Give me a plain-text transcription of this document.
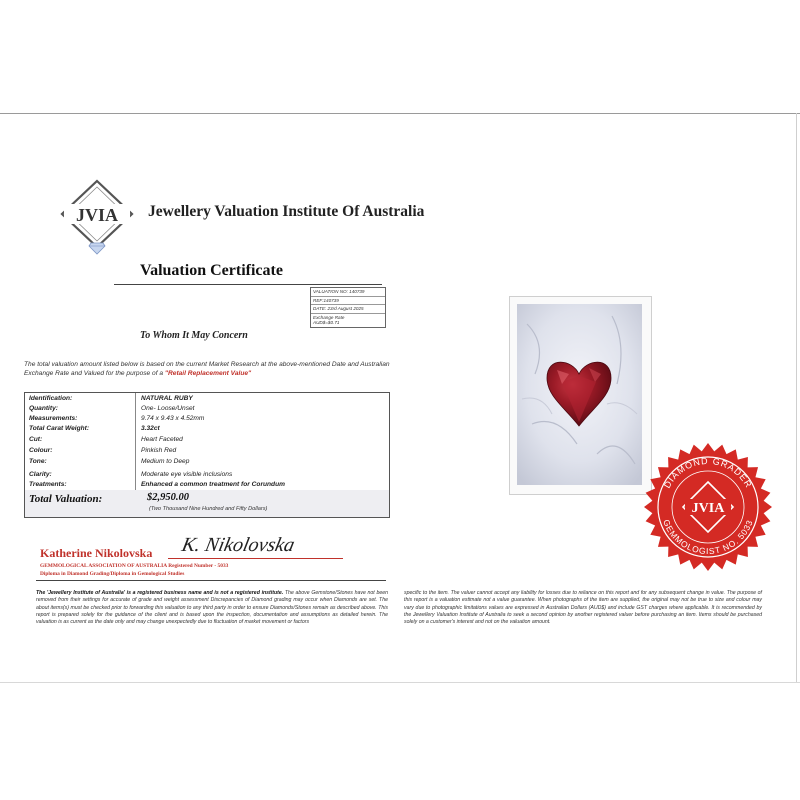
JVIA Jewellery Valuation Institute Of Australia
Valuation Certificate
VALUATION NO: 140739
REF:140739
DATE: 23rd August 2025
Exchange Rate
AUD$=$0.71
To Whom It May Concern
The total valuation amount listed below is based on the current Market Research at the above-mentioned Date and Australian Exchange Rate and Valued for the purpose of a "Retail Replacement Value"
Identification:	NATURAL RUBY
Quantity:	One- Loose/Unset
Measurements:	9.74 x 9.43 x 4.52mm
Total Carat Weight:	3.32ct
Cut:	Heart Faceted
Colour:	Pinkish Red
Tone:	Medium to Deep
Clarity:	Moderate eye visible inclusions
Treatments:	Enhanced a common treatment for Corundum
Total Valuation:	$2,950.00
(Two Thousand Nine Hundred and Fifty Dollars)
Katherine Nikolovska K. Nikolovska
GEMMOLOGICAL ASSOCIATION OF AUSTRALIA Registered Number - 5033
Diploma in Diamond Grading/Diploma in Gemological Studies
The 'Jewellery Institute of Australia' is a registered business name and is not a registered institute. The above Gemstone/Stones have not been removed from their settings for accurate of grade and weight assessment Discrepancies of Diamond grading may occur when Diamonds are set. The about items(s) must be checked prior to forwarding this valuation to any third party in order to ensure Diamonds/Stones remain as described above. This report is prepared solely for the guidance of the client and is based upon the inspection, documentation and assumptions as detailed herein. The valuation is as current as the date only and may change unexpectedly due to fluctuation of market movement or factors
specific to the item. The valuer cannot accept any liability for losses due to reliance on this report and for any subsequent change in value. The purpose of this report is a valuation estimate not a value guarantee. When photographs of the item are supplied, the original may not be true to size and colour may vary due to photographic limitations values are expressed in Australian Dollars (AUD$) and include GST charges where applicable. It is recommended by the Jewellery Valuation Institute of Australia to seek a second opinion by another registered valuer before purchasing an item. Items should be purchased solely on a customer's interest and not on the valuation amount.
DIAMOND GRADER
GEMMOLOGIST NO. 5033
JVIA
